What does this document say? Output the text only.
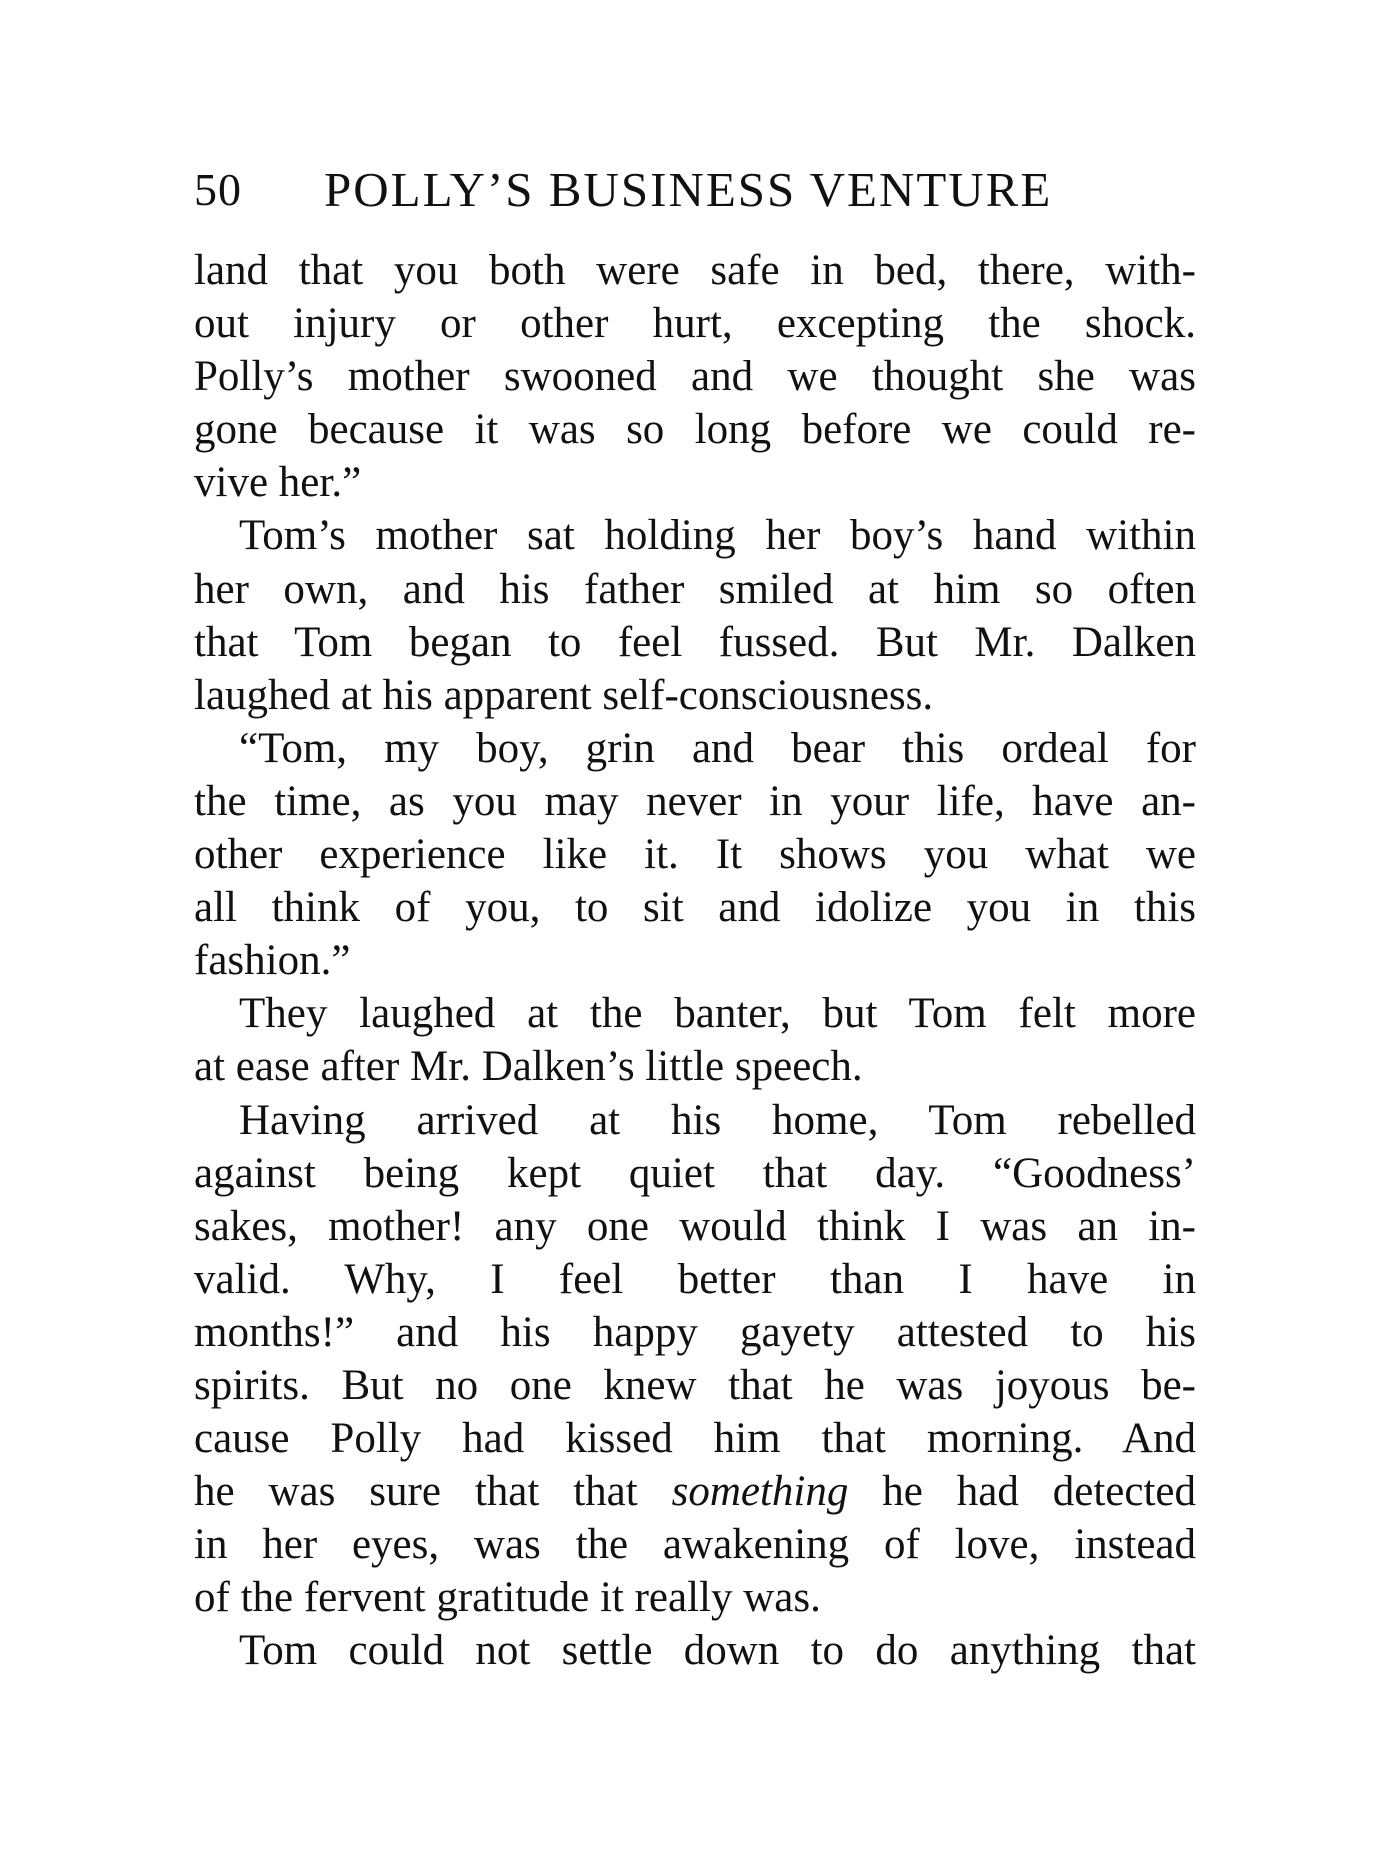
50 POLLY’S BUSINESS VENTURE
land that you both were safe in bed, there, with-
out injury or other hurt, excepting the shock.
Polly’s mother swooned and we thought she was
gone because it was so long before we could re-
vive her.”
Tom’s mother sat holding her boy’s hand within
her own, and his father smiled at him so often
that Tom began to feel fussed. But Mr. Dalken
laughed at his apparent self-consciousness.
“Tom, my boy, grin and bear this ordeal for
the time, as you may never in your life, have an-
other experience like it. It shows you what we
all think of you, to sit and idolize you in this
fashion.”
They laughed at the banter, but Tom felt more
at ease after Mr. Dalken’s little speech.
Having arrived at his home, Tom rebelled
against being kept quiet that day. “Goodness’
sakes, mother! any one would think I was an in-
valid. Why, I feel better than I have in
months!” and his happy gayety attested to his
spirits. But no one knew that he was joyous be-
cause Polly had kissed him that morning. And
he was sure that that something he had detected
in her eyes, was the awakening of love, instead
of the fervent gratitude it really was.
Tom could not settle down to do anything that
